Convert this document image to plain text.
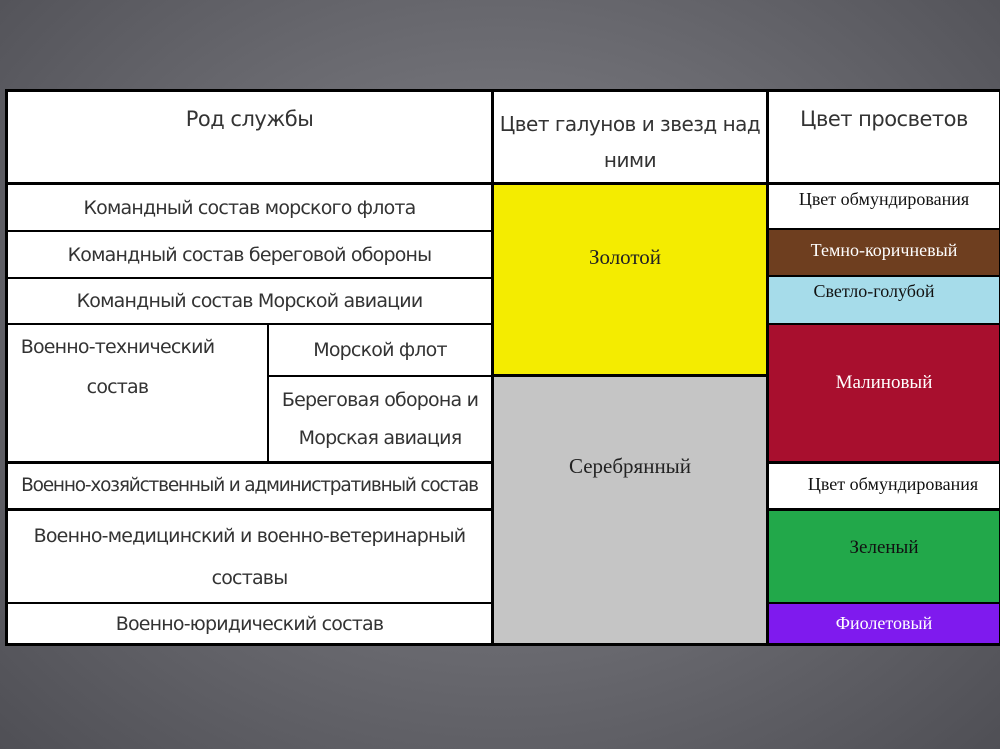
Род службы	Цвет галунов и звезд над
ними
Цвет просветов
Командный состав морского флота
Командный состав береговой обороны
Командный состав Морской авиации
Военно-технический
состав
Морской флот
Береговая оборона и
Морская авиация
Военно-хозяйственный и административный состав
Военно-медицинский и военно-ветеринарный
составы
Военно-юридический состав
Золотой
Серебрянный
Цвет обмундирования
Темно-коричневый
Светло-голубой
Малиновый
Цвет обмундирования
Зеленый
Фиолетовый
